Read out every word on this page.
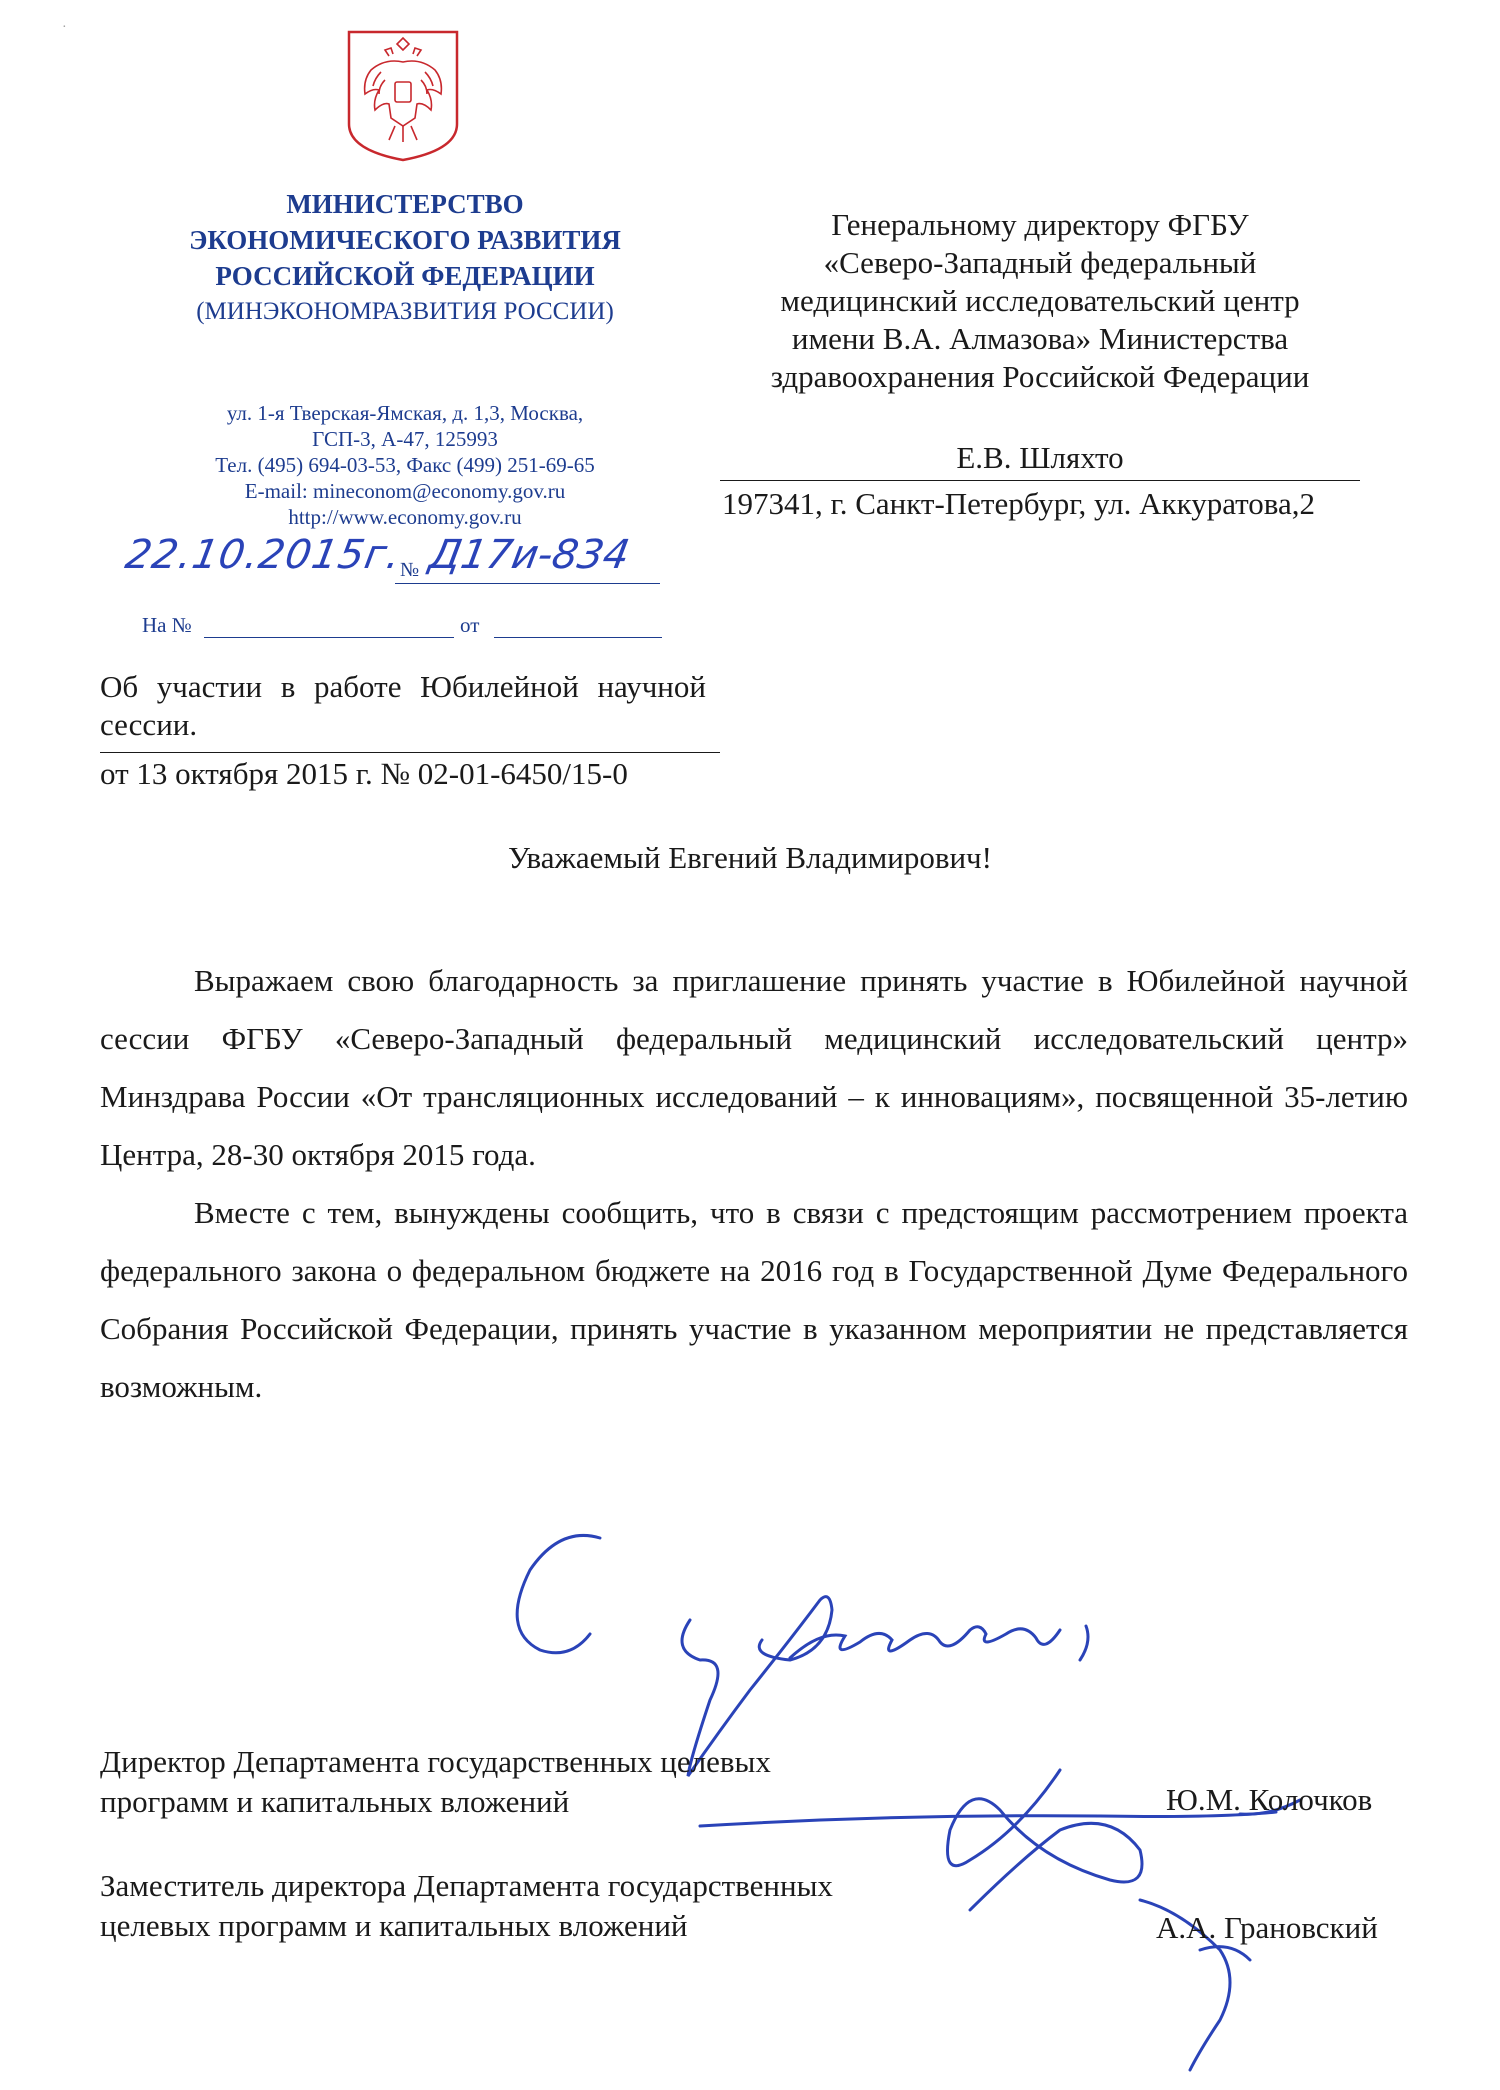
·
МИНИСТЕРСТВО
ЭКОНОМИЧЕСКОГО РАЗВИТИЯ
РОССИЙСКОЙ ФЕДЕРАЦИИ
(МИНЭКОНОМРАЗВИТИЯ РОССИИ)
ул. 1-я Тверская-Ямская, д. 1,3, Москва,
ГСП-3, А-47, 125993
Тел. (495) 694-03-53, Факс (499) 251-69-65
E-mail: mineconom@economy.gov.ru
http://www.economy.gov.ru
22.10.2015г.
№ Д17и-834
На №	от
Генеральному директору ФГБУ
«Северо-Западный федеральный
медицинский исследовательский центр
имени В.А. Алмазова» Министерства
здравоохранения Российской Федерации
Е.В. Шляхто
197341, г. Санкт-Петербург, ул. Аккуратова,2
Об участии в работе Юбилейной научной сессии.
от 13 октября 2015 г. № 02-01-6450/15-0
Уважаемый Евгений Владимирович!

Выражаем свою благодарность за приглашение принять участие в Юбилейной научной сессии ФГБУ «Северо-Западный федеральный медицинский исследовательский центр» Минздрава России «От трансляционных исследований – к инновациям», посвященной 35-летию Центра, 28-30 октября 2015 года.

Вместе с тем, вынуждены сообщить, что в связи с предстоящим рассмотрением проекта федерального закона о федеральном бюджете на 2016 год в Государственной Думе Федерального Собрания Российской Федерации, принять участие в указанном мероприятии не представляется возможным.

Директор Департамента государственных целевых
программ и капитальных вложений	Ю.М. Колочков
Заместитель директора Департамента государственных
целевых программ и капитальных вложений	А.А. Грановский
